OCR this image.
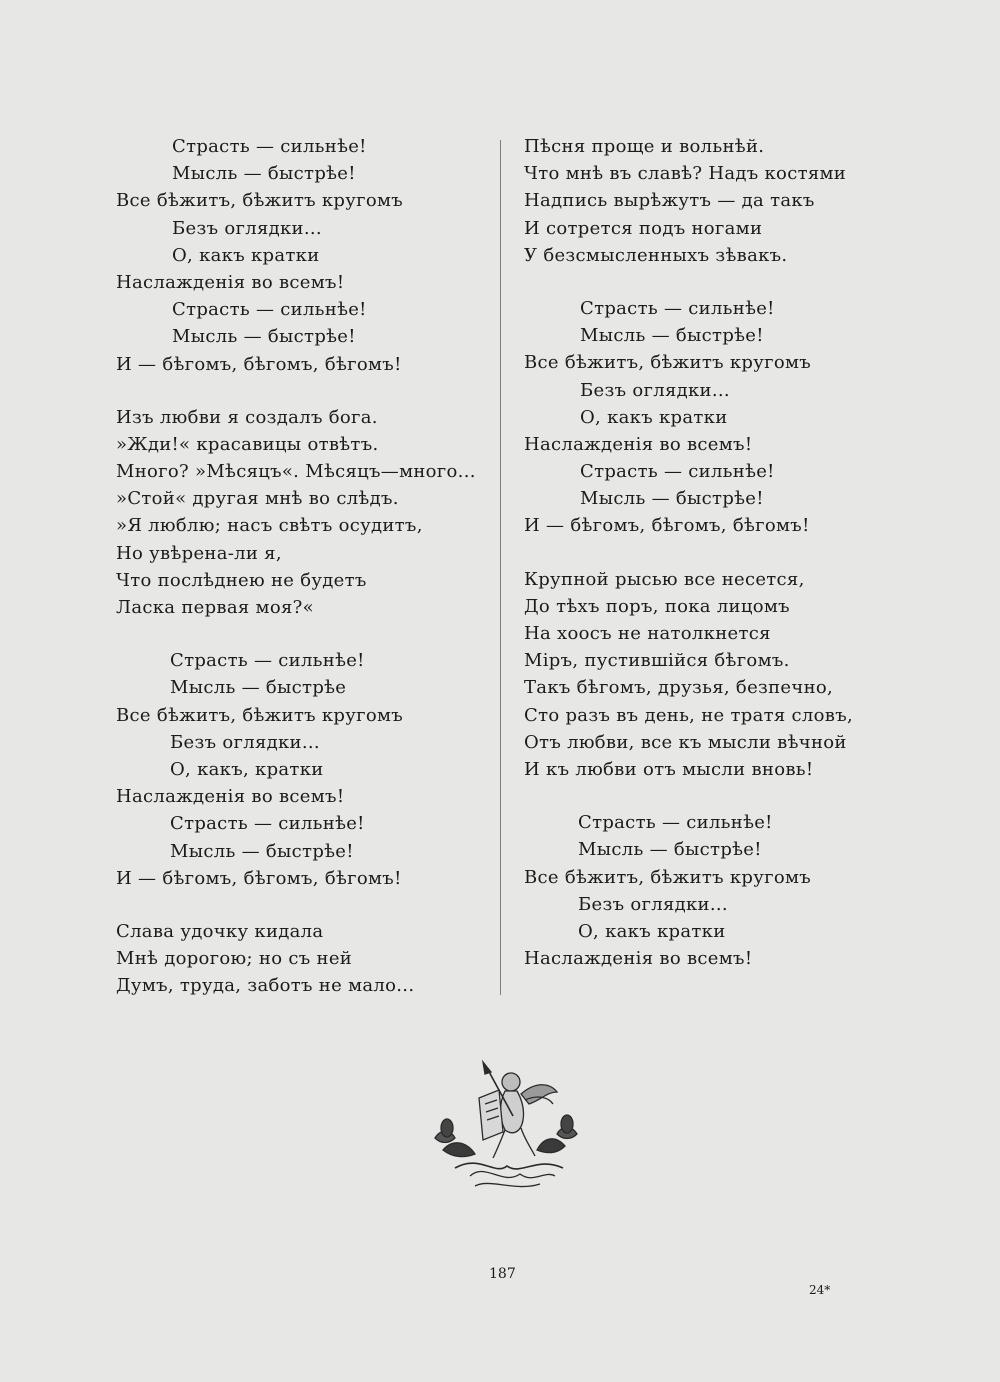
Страсть — сильнѣе!
Мысль — быстрѣе!
Все бѣжитъ, бѣжитъ кругомъ
Безъ оглядки...
О, какъ кратки
Наслажденія во всемъ!
Страсть — сильнѣе!
Мысль — быстрѣе!
И — бѣгомъ, бѣгомъ, бѣгомъ!
Изъ любви я создалъ бога.
»Жди!« красавицы отвѣтъ.
Много? »Мѣсяцъ«. Мѣсяцъ—много...
»Стой« другая мнѣ во слѣдъ.
»Я люблю; насъ свѣтъ осудитъ,
Но увѣрена-ли я,
Что послѣднею не будетъ
Ласка первая моя?«
Страсть — сильнѣе!
Мысль — быстрѣе
Все бѣжитъ, бѣжитъ кругомъ
Безъ оглядки...
О, какъ, кратки
Наслажденія во всемъ!
Страсть — сильнѣе!
Мысль — быстрѣе!
И — бѣгомъ, бѣгомъ, бѣгомъ!
Слава удочку кидала
Мнѣ дорогою; но съ ней
Думъ, труда, заботъ не мало...
Пѣсня проще и вольнѣй.
Что мнѣ въ славѣ? Надъ костями
Надпись вырѣжутъ — да такъ
И сотрется подъ ногами
У безсмысленныхъ зѣвакъ.
Страсть — сильнѣе!
Мысль — быстрѣе!
Все бѣжитъ, бѣжитъ кругомъ
Безъ оглядки...
О, какъ кратки
Наслажденія во всемъ!
Страсть — сильнѣе!
Мысль — быстрѣе!
И — бѣгомъ, бѣгомъ, бѣгомъ!
Крупной рысью все несется,
До тѣхъ поръ, пока лицомъ
На хоосъ не натолкнется
Міръ, пустившійся бѣгомъ.
Такъ бѣгомъ, друзья, безпечно,
Сто разъ въ день, не тратя словъ,
Отъ любви, все къ мысли вѣчной
И къ любви отъ мысли вновь!
Страсть — сильнѣе!
Мысль — быстрѣе!
Все бѣжитъ, бѣжитъ кругомъ
Безъ оглядки...
О, какъ кратки
Наслажденія во всемъ!
187
24*
